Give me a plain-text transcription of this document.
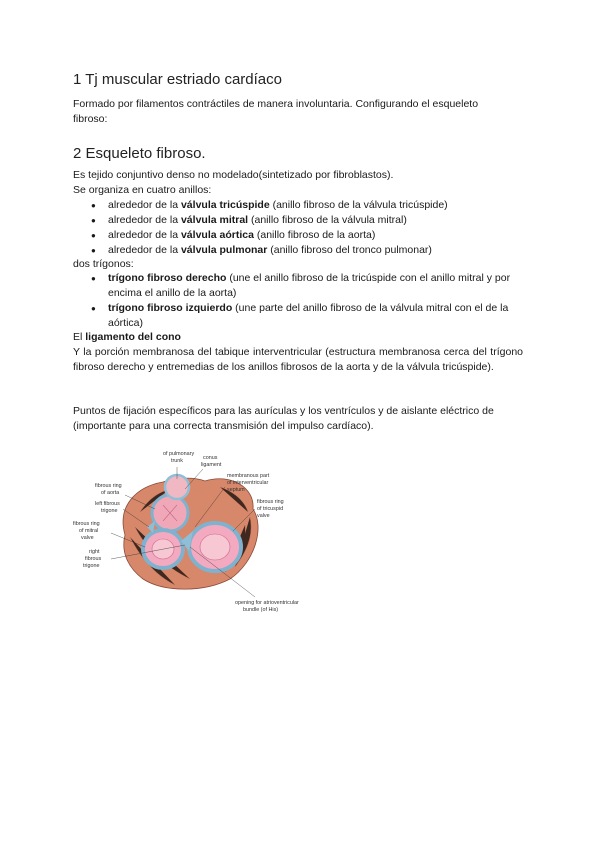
1 Tj muscular estriado cardíaco

Formado por filamentos contráctiles de manera involuntaria. Configurando el esqueleto

fibroso:

2 Esqueleto fibroso.

Es tejido conjuntivo denso no modelado(sintetizado por fibroblastos).

Se organiza en cuatro anillos:

● alrededor de la válvula tricúspide (anillo fibroso de la válvula tricúspide)
● alrededor de la válvula mitral (anillo fibroso de la válvula mitral)
● alrededor de la válvula aórtica (anillo fibroso de la aorta)
● alrededor de la válvula pulmonar (anillo fibroso del tronco pulmonar)

dos trígonos:

● trígono fibroso derecho (une el anillo fibroso de la tricúspide con el anillo mitral y por encima el anillo de la aorta)
● trígono fibroso izquierdo (une parte del anillo fibroso de la válvula mitral con el de la aórtica)

El ligamento del cono

Y la porción membranosa del tabique interventricular (estructura membranosa cerca del trígono fibroso derecho y entremedias de los anillos fibrosos de la aorta y de la válvula tricúspide).

Puntos de fijación específicos para las aurículas y los ventrículos y de aislante eléctrico de (importante para una correcta transmisión del impulso cardíaco).

of pulmonary
trunk	conus
ligament
membranous part
of interventricular
septum
fibrous ring
of aorta
left fibrous
trigone
fibrous ring
of tricuspid
valve
fibrous ring
of mitral
valve
right
fibrous
trigone
opening for atrioventricular
bundle (of His)
